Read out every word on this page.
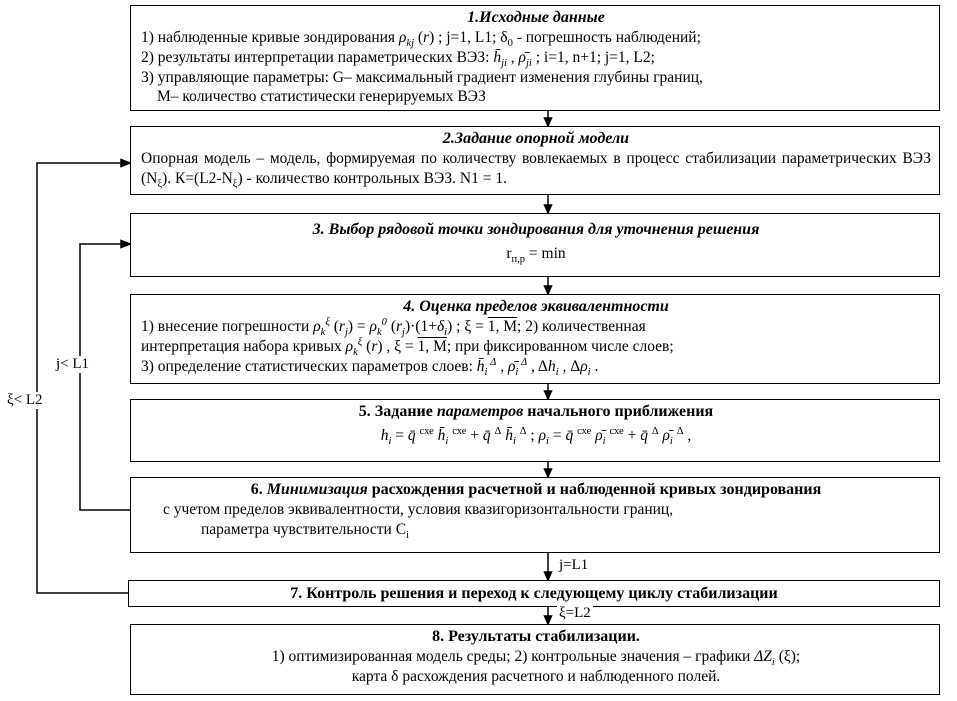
1.Исходные данные
1) наблюденные кривые зондирования $\rho_{kj}$ (r) ; j=1, L1; $\delta_0$ - погрешность наблюдений;
2) результаты интерпретации параметрических ВЭЗ: $h̄_{ji}$ , $\rhō_{ji}$ ; i=1, n+1; j=1, L2;
3) управляющие параметры: G– максимальный градиент изменения глубины границ,
М– количество статистически генерируемых ВЭЗ
2.Задание опорной модели
Опорная модель – модель, формируемая по количеству вовлекаемых в процесс стабилизации параметрических ВЭЗ $(N_\xi)$. $К=(L2-N_\xi)$ - количество контрольных ВЭЗ. N1 = 1.
3. Выбор рядовой точки зондирования для уточнения решения
$r_{п,р} = \min$
4. Оценка пределов эквивалентности
1) внесение погрешности $\rho_k^\xi$ $(r_j) = \rho_k^0$ $(r_j)\cdot(1+\delta_i)$ ; ξ = 1, М; 2) количественная
интерпретация набора кривых $\rho_k^\xi$ (r) , ξ = 1, М; при фиксированном числе слоев;
3) определение статистических параметров слоев: $h̄_i$ $^\Delta$ , $\rhō_i$ $^\Delta$ , $\Delta h_i$ , $\Delta\rho_i$ .
5. Задание параметров начального приближения
$h_i$ = q̄ $^{схе}$ $h̄_i$ $^{схе}$ + q̄ $^\Delta$ $h̄_i$ $^\Delta$ ; $\rho_i$ = q̄ $^{схе}$ $\rhō_i$ $^{схе}$ + q̄ $^\Delta$ $\rhō_i$ $^\Delta$ ,
6. Минимизация расхождения расчетной и наблюденной кривых зондирования
с учетом пределов эквивалентности, условия квазигоризонтальности границ,
параметра чувствительности $C_i$
7. Контроль решения и переход к следующему циклу стабилизации
8. Результаты стабилизации.
1) оптимизированная модель среды; 2) контрольные значения – графики $\Delta Z_i$ (ξ);
карта δ расхождения расчетного и наблюденного полей.
j=L1
ξ=L2
j< L1
ξ< L2
